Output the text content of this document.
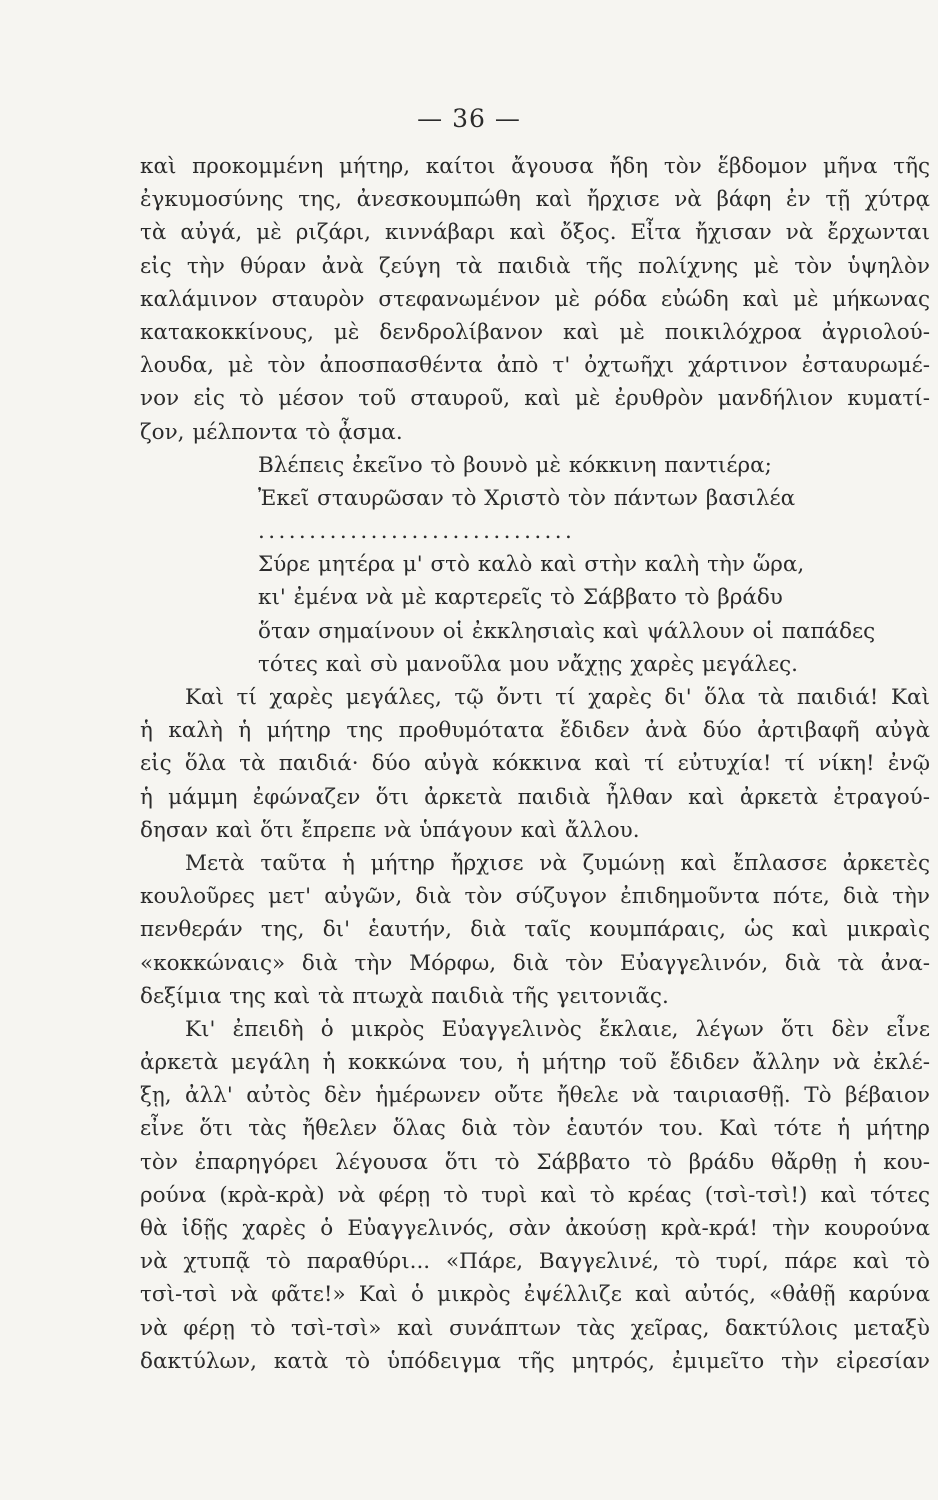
— 36 —
καὶ προκομμένη μήτηρ, καίτοι ἄγουσα ἤδη τὸν ἕβδομον μῆνα τῆς
ἐγκυμοσύνης της, ἀνεσκουμπώθη καὶ ἤρχισε νὰ βάφη ἐν τῇ χύτρᾳ
τὰ αὐγά, μὲ ριζάρι, κιννάβαρι καὶ ὄξος. Εἶτα ἤχισαν νὰ ἔρχωνται
εἰς τὴν θύραν ἀνὰ ζεύγη τὰ παιδιὰ τῆς πολίχνης μὲ τὸν ὑψηλὸν
καλάμινον σταυρὸν στεφανωμένον μὲ ρόδα εὐώδη καὶ μὲ μήκωνας
κατακοκκίνους, μὲ δενδρολίβανον καὶ μὲ ποικιλόχροα ἀγριολού-
λουδα, μὲ τὸν ἀποσπασθέντα ἀπὸ τ' ὀχτωῆχι χάρτινον ἐσταυρωμέ-
νον εἰς τὸ μέσον τοῦ σταυροῦ, καὶ μὲ ἐρυθρὸν μανδήλιον κυματί-
ζον, μέλποντα τὸ ᾆσμα.
Βλέπεις ἐκεῖνο τὸ βουνὸ μὲ κόκκινη παντιέρα;
Ἐκεῖ σταυρῶσαν τὸ Χριστὸ τὸν πάντων βασιλέα
...............................
Σύρε μητέρα μ' στὸ καλὸ καὶ στὴν καλὴ τὴν ὥρα,
κι' ἐμένα νὰ μὲ καρτερεῖς τὸ Σάββατο τὸ βράδυ
ὅταν σημαίνουν οἱ ἐκκλησιαὶς καὶ ψάλλουν οἱ παπάδες
τότες καὶ σὺ μανοῦλα μου νἄχῃς χαρὲς μεγάλες.
Καὶ τί χαρὲς μεγάλες, τῷ ὄντι τί χαρὲς δι' ὅλα τὰ παιδιά! Καὶ
ἡ καλὴ ἡ μήτηρ της προθυμότατα ἔδιδεν ἀνὰ δύο ἀρτιβαφῆ αὐγὰ
εἰς ὅλα τὰ παιδιά· δύο αὐγὰ κόκκινα καὶ τί εὐτυχία! τί νίκη! ἐνῷ
ἡ μάμμη ἐφώναζεν ὅτι ἀρκετὰ παιδιὰ ἦλθαν καὶ ἀρκετὰ ἐτραγού-
δησαν καὶ ὅτι ἔπρεπε νὰ ὑπάγουν καὶ ἄλλου.
Μετὰ ταῦτα ἡ μήτηρ ἤρχισε νὰ ζυμώνῃ καὶ ἔπλασσε ἀρκετὲς
κουλοῦρες μετ' αὐγῶν, διὰ τὸν σύζυγον ἐπιδημοῦντα πότε, διὰ τὴν
πενθεράν της, δι' ἑαυτήν, διὰ ταῖς κουμπάραις, ὡς καὶ μικραὶς
«κοκκώναις» διὰ τὴν Μόρφω, διὰ τὸν Εὐαγγελινόν, διὰ τὰ ἀνα-
δεξίμια της καὶ τὰ πτωχὰ παιδιὰ τῆς γειτονιᾶς.
Κι' ἐπειδὴ ὁ μικρὸς Εὐαγγελινὸς ἔκλαιε, λέγων ὅτι δὲν εἶνε
ἀρκετὰ μεγάλη ἡ κοκκώνα του, ἡ μήτηρ τοῦ ἔδιδεν ἄλλην νὰ ἐκλέ-
ξῃ, ἀλλ' αὐτὸς δὲν ἡμέρωνεν οὔτε ἤθελε νὰ ταιριασθῇ. Τὸ βέβαιον
εἶνε ὅτι τὰς ἤθελεν ὅλας διὰ τὸν ἑαυτόν του. Καὶ τότε ἡ μήτηρ
τὸν ἐπαρηγόρει λέγουσα ὅτι τὸ Σάββατο τὸ βράδυ θἄρθῃ ἡ κου-
ρούνα (κρὰ-κρὰ) νὰ φέρῃ τὸ τυρὶ καὶ τὸ κρέας (τσὶ-τσὶ!) καὶ τότες
θὰ ἰδῇς χαρὲς ὁ Εὐαγγελινός, σὰν ἀκούσῃ κρὰ-κρά! τὴν κουρούνα
νὰ χτυπᾷ τὸ παραθύρι... «Πάρε, Βαγγελινέ, τὸ τυρί, πάρε καὶ τὸ
τσὶ-τσὶ νὰ φᾶτε!» Καὶ ὁ μικρὸς ἐψέλλιζε καὶ αὐτός, «θἀθῇ καρύνα
νὰ φέρῃ τὸ τσὶ-τσὶ» καὶ συνάπτων τὰς χεῖρας, δακτύλοις μεταξὺ
δακτύλων, κατὰ τὸ ὑπόδειγμα τῆς μητρός, ἐμιμεῖτο τὴν εἰρεσίαν
